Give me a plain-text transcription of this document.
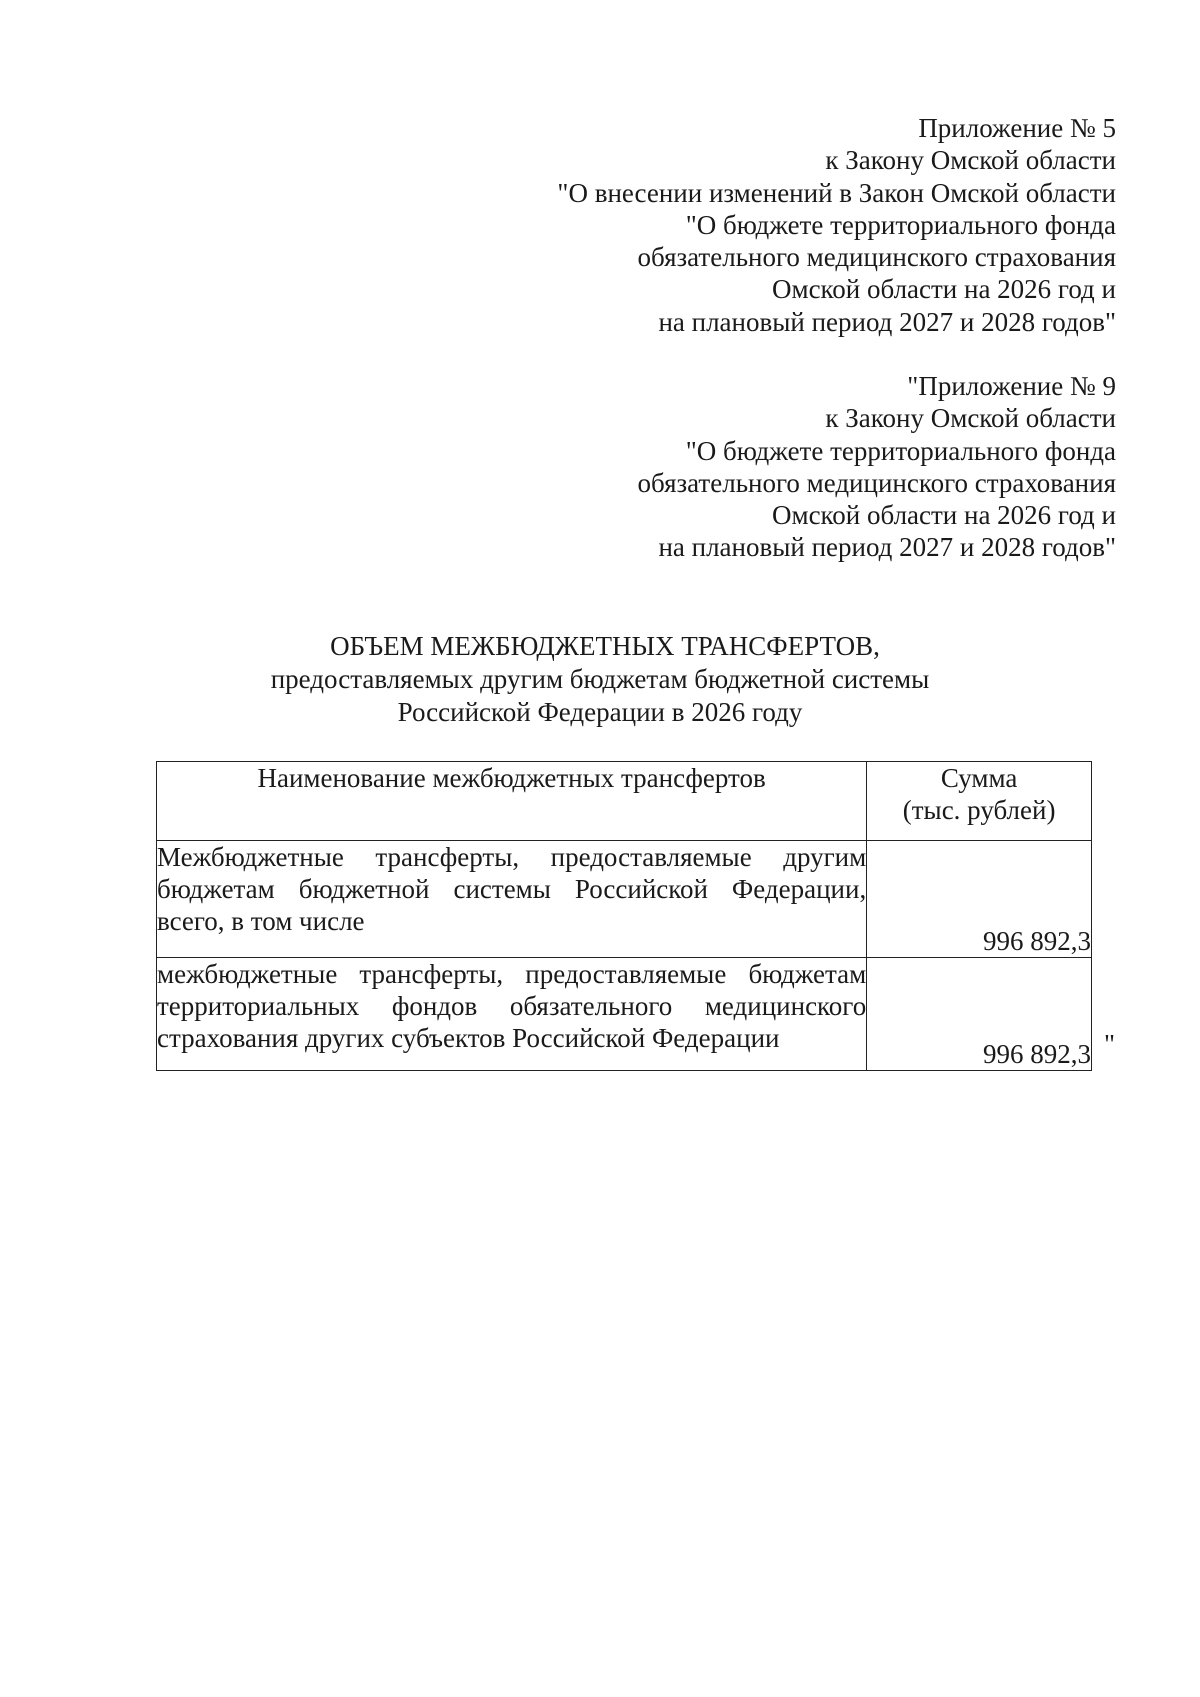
Приложение № 5
к Закону Омской области
"О внесении изменений в Закон Омской области
"О бюджете территориального фонда
обязательного медицинского страхования
Омской области на 2026 год и
на плановый период 2027 и 2028 годов"
"Приложение № 9
к Закону Омской области
"О бюджете территориального фонда
обязательного медицинского страхования
Омской области на 2026 год и
на плановый период 2027 и 2028 годов"
ОБЪЕМ МЕЖБЮДЖЕТНЫХ ТРАНСФЕРТОВ,
предоставляемых другим бюджетам бюджетной системы
Российской Федерации в 2026 году
Наименование межбюджетных трансфертов	Сумма
(тыс. рублей)

Межбюджетные трансферты, предоставляемые другим бюджетам бюджетной системы Российской Федерации, всего, в том числе	996 892,3
межбюджетные трансферты, предоставляемые бюджетам территориальных фондов обязательного медицинского страхования других субъектов Российской Федерации	996 892,3 "
